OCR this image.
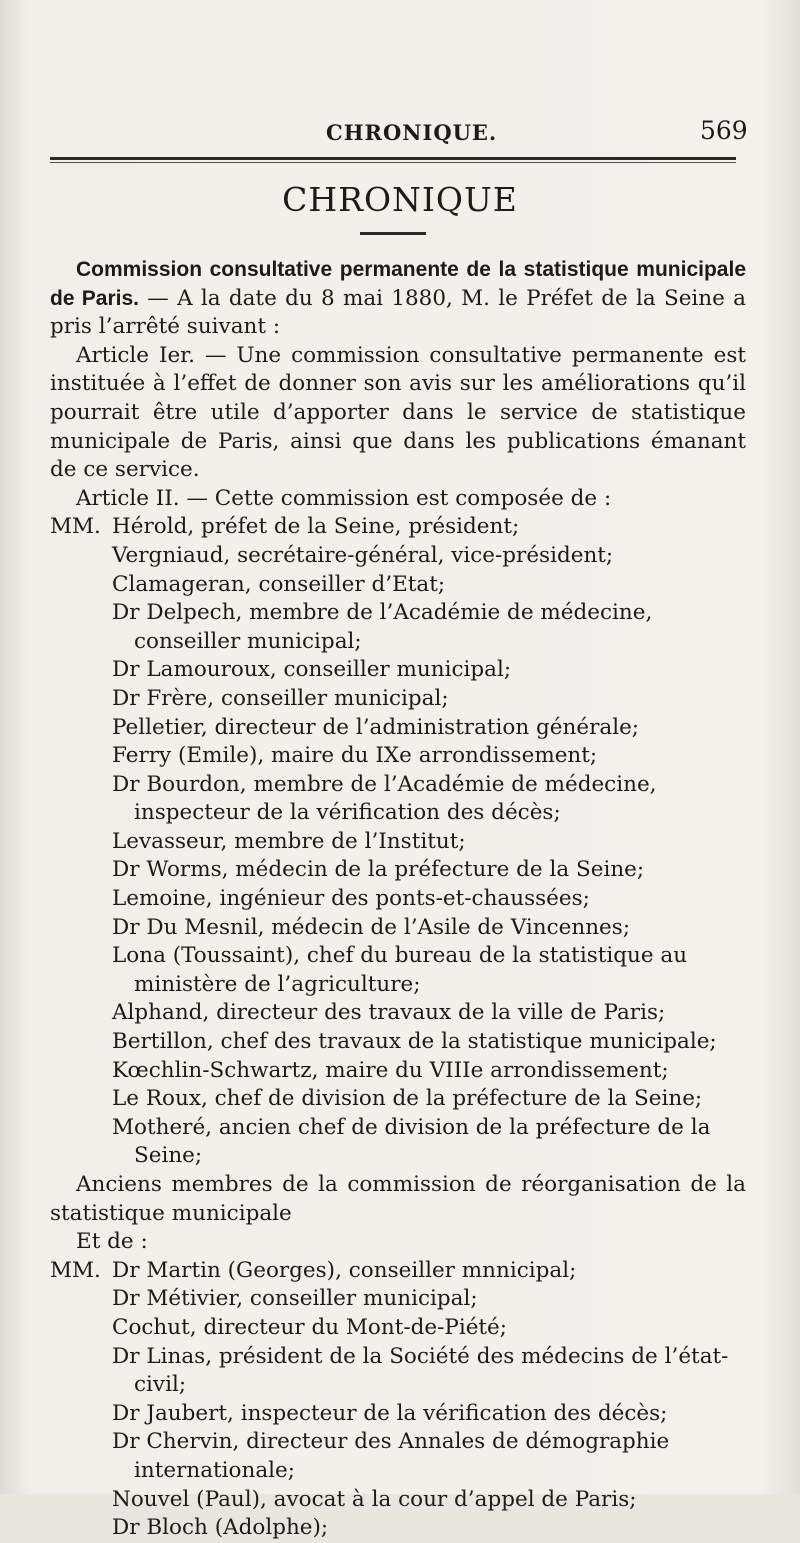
CHRONIQUE.	569
CHRONIQUE

Commission consultative permanente de la statistique municipale de Paris. — A la date du 8 mai 1880, M. le Préfet de la Seine a pris l’arrêté suivant :

Article Ier. — Une commission consultative permanente est instituée à l’effet de donner son avis sur les améliorations qu’il pourrait être utile d’apporter dans le service de statistique municipale de Paris, ainsi que dans les publications émanant de ce service.

Article II. — Cette commission est composée de :

MM. Hérold, préfet de la Seine, président;
Vergniaud, secrétaire-général, vice-président;
Clamageran, conseiller d’Etat;
Dr Delpech, membre de l’Académie de médecine, conseiller municipal;
Dr Lamouroux, conseiller municipal;
Dr Frère, conseiller municipal;
Pelletier, directeur de l’administration générale;
Ferry (Emile), maire du IXe arrondissement;
Dr Bourdon, membre de l’Académie de médecine, inspecteur de la vérification des décès;
Levasseur, membre de l’Institut;
Dr Worms, médecin de la préfecture de la Seine;
Lemoine, ingénieur des ponts-et-chaussées;
Dr Du Mesnil, médecin de l’Asile de Vincennes;
Lona (Toussaint), chef du bureau de la statistique au ministère de l’agriculture;
Alphand, directeur des travaux de la ville de Paris;
Bertillon, chef des travaux de la statistique municipale;
Kœchlin-Schwartz, maire du VIIIe arrondissement;
Le Roux, chef de division de la préfecture de la Seine;
Motheré, ancien chef de division de la préfecture de la Seine;

Anciens membres de la commission de réorganisation de la statistique municipale

Et de :

MM. Dr Martin (Georges), conseiller mnnicipal;
Dr Métivier, conseiller municipal;
Cochut, directeur du Mont-de-Piété;
Dr Linas, président de la Société des médecins de l’état-civil;
Dr Jaubert, inspecteur de la vérification des décès;
Dr Chervin, directeur des Annales de démographie internationale;
Nouvel (Paul), avocat à la cour d’appel de Paris;
Dr Bloch (Adolphe);
